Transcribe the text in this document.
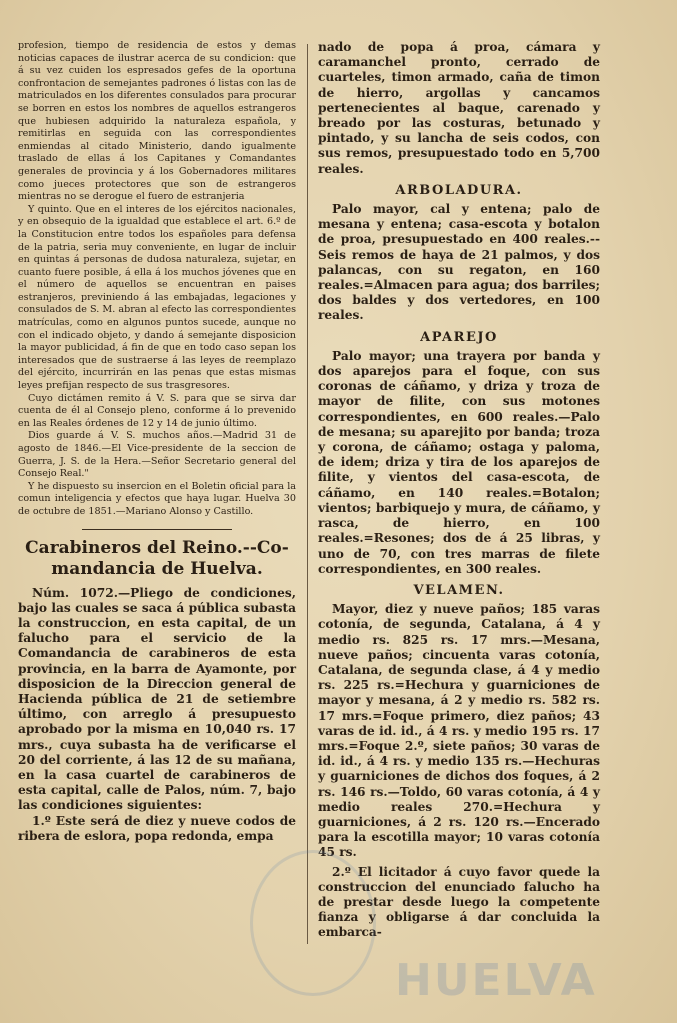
profesion, tiempo de residencia de estos y demas noticias capaces de ilustrar acerca de su condicion: que á su vez cuiden los espresados gefes de la oportuna confrontacion de semejantes padrones ó listas con las de matriculados en los diferentes consulados para procurar se borren en estos los nombres de aquellos estrangeros que hubiesen adquirido la naturaleza española, y remitirlas en seguida con las correspondientes enmiendas al citado Ministerio, dando igualmente traslado de ellas á los Capitanes y Comandantes generales de provincia y á los Gobernadores militares como jueces protectores que son de estrangeros mientras no se derogue el fuero de estranjeria

Y quinto. Que en el interes de los ejércitos nacionales, y en obsequio de la igualdad que establece el art. 6.º de la Constitucion entre todos los españoles para defensa de la patria, seria muy conveniente, en lugar de incluir en quintas á personas de dudosa naturaleza, sujetar, en cuanto fuere posible, á ella á los muchos jóvenes que en el número de aquellos se encuentran en paises estranjeros, previniendo á las embajadas, legaciones y consulados de S. M. abran al efecto las correspondientes matrículas, como en algunos puntos sucede, aunque no con el indicado objeto, y dando á semejante disposicion la mayor publicidad, á fin de que en todo caso sepan los interesados que de sustraerse á las leyes de reemplazo del ejército, incurrirán en las penas que estas mismas leyes prefijan respecto de sus trasgresores.

Cuyo dictámen remito á V. S. para que se sirva dar cuenta de él al Consejo pleno, conforme á lo prevenido en las Reales órdenes de 12 y 14 de junio último.

Dios guarde á V. S. muchos años.—Madrid 31 de agosto de 1846.—El Vice-presidente de la seccion de Guerra, J. S. de la Hera.—Señor Secretario general del Consejo Real."

Y he dispuesto su insercion en el Boletin oficial para la comun inteligencia y efectos que haya lugar. Huelva 30 de octubre de 1851.—Mariano Alonso y Castillo.

Carabineros del Reino.--Co-
mandancia de Huelva.

Núm. 1072.—Pliego de condiciones, bajo las cuales se saca á pública subasta la construccion, en esta capital, de un falucho para el servicio de la Comandancia de carabineros de esta provincia, en la barra de Ayamonte, por disposicion de la Direccion general de Hacienda pública de 21 de setiembre último, con arreglo á presupuesto aprobado por la misma en 10,040 rs. 17 mrs., cuya subasta ha de verificarse el 20 del corriente, á las 12 de su mañana, en la casa cuartel de carabineros de esta capital, calle de Palos, núm. 7, bajo las condiciones siguientes:

1.º Este será de diez y nueve codos de ribera de eslora, popa redonda, empa

nado de popa á proa, cámara y caramanchel pronto, cerrado de cuarteles, timon armado, caña de timon de hierro, argollas y cancamos pertenecientes al baque, carenado y breado por las costuras, betunado y pintado, y su lancha de seis codos, con sus remos, presupuestado todo en 5,700 reales.

ARBOLADURA.

Palo mayor, cal y entena; palo de mesana y entena; casa-escota y botalon de proa, presupuestado en 400 reales.--Seis remos de haya de 21 palmos, y dos palancas, con su regaton, en 160 reales.=Almacen para agua; dos barriles; dos baldes y dos vertedores, en 100 reales.

APAREJO

Palo mayor; una trayera por banda y dos aparejos para el foque, con sus coronas de cáñamo, y driza y troza de mayor de filite, con sus motones correspondientes, en 600 reales.—Palo de mesana; su aparejito por banda; troza y corona, de cáñamo; ostaga y paloma, de idem; driza y tira de los aparejos de filite, y vientos del casa-escota, de cáñamo, en 140 reales.=Botalon; vientos; barbiquejo y mura, de cáñamo, y rasca, de hierro, en 100 reales.=Resones; dos de á 25 libras, y uno de 70, con tres marras de filete correspondientes, en 300 reales.

VELAMEN.

Mayor, diez y nueve paños; 185 varas cotonía, de segunda, Catalana, á 4 y medio rs. 825 rs. 17 mrs.—Mesana, nueve paños; cincuenta varas cotonía, Catalana, de segunda clase, á 4 y medio rs. 225 rs.=Hechura y guarniciones de mayor y mesana, á 2 y medio rs. 582 rs. 17 mrs.=Foque primero, diez paños; 43 varas de id. id., á 4 rs. y medio 195 rs. 17 mrs.=Foque 2.º, siete paños; 30 varas de id. id., á 4 rs. y medio 135 rs.—Hechuras y guarniciones de dichos dos foques, á 2 rs. 146 rs.—Toldo, 60 varas cotonía, á 4 y medio reales 270.=Hechura y guarniciones, á 2 rs. 120 rs.—Encerado para la escotilla mayor; 10 varas cotonía 45 rs.

2.º El licitador á cuyo favor quede la construccion del enunciado falucho ha de prestar desde luego la competente fianza y obligarse á dar concluida la embarca-

HUELVA
